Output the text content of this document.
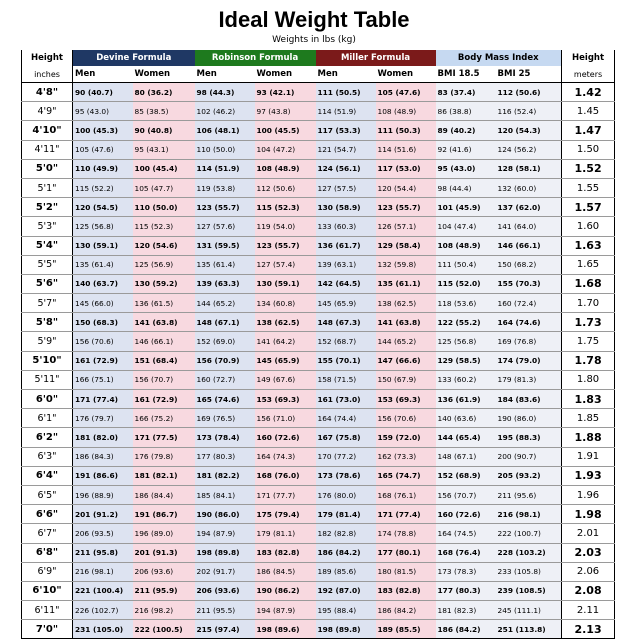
Ideal Weight Table
Weights in lbs (kg)
Height	Devine Formula		Robinson Formula		Miller Formula		Body Mass Index		Height
inches	Men	Women	Men	Women	Men	Women	BMI 18.5	BMI 25	meters
4'8"	90 (40.7)	80 (36.2)	98 (44.3)	93 (42.1)	111 (50.5)	105 (47.6)	83 (37.4)	112 (50.6)	1.42
4'9"	95 (43.0)	85 (38.5)	102 (46.2)	97 (43.8)	114 (51.9)	108 (48.9)	86 (38.8)	116 (52.4)	1.45
4'10"	100 (45.3)	90 (40.8)	106 (48.1)	100 (45.5)	117 (53.3)	111 (50.3)	89 (40.2)	120 (54.3)	1.47
4'11"	105 (47.6)	95 (43.1)	110 (50.0)	104 (47.2)	121 (54.7)	114 (51.6)	92 (41.6)	124 (56.2)	1.50
5'0"	110 (49.9)	100 (45.4)	114 (51.9)	108 (48.9)	124 (56.1)	117 (53.0)	95 (43.0)	128 (58.1)	1.52
5'1"	115 (52.2)	105 (47.7)	119 (53.8)	112 (50.6)	127 (57.5)	120 (54.4)	98 (44.4)	132 (60.0)	1.55
5'2"	120 (54.5)	110 (50.0)	123 (55.7)	115 (52.3)	130 (58.9)	123 (55.7)	101 (45.9)	137 (62.0)	1.57
5'3"	125 (56.8)	115 (52.3)	127 (57.6)	119 (54.0)	133 (60.3)	126 (57.1)	104 (47.4)	141 (64.0)	1.60
5'4"	130 (59.1)	120 (54.6)	131 (59.5)	123 (55.7)	136 (61.7)	129 (58.4)	108 (48.9)	146 (66.1)	1.63
5'5"	135 (61.4)	125 (56.9)	135 (61.4)	127 (57.4)	139 (63.1)	132 (59.8)	111 (50.4)	150 (68.2)	1.65
5'6"	140 (63.7)	130 (59.2)	139 (63.3)	130 (59.1)	142 (64.5)	135 (61.1)	115 (52.0)	155 (70.3)	1.68
5'7"	145 (66.0)	136 (61.5)	144 (65.2)	134 (60.8)	145 (65.9)	138 (62.5)	118 (53.6)	160 (72.4)	1.70
5'8"	150 (68.3)	141 (63.8)	148 (67.1)	138 (62.5)	148 (67.3)	141 (63.8)	122 (55.2)	164 (74.6)	1.73
5'9"	156 (70.6)	146 (66.1)	152 (69.0)	141 (64.2)	152 (68.7)	144 (65.2)	125 (56.8)	169 (76.8)	1.75
5'10"	161 (72.9)	151 (68.4)	156 (70.9)	145 (65.9)	155 (70.1)	147 (66.6)	129 (58.5)	174 (79.0)	1.78
5'11"	166 (75.1)	156 (70.7)	160 (72.7)	149 (67.6)	158 (71.5)	150 (67.9)	133 (60.2)	179 (81.3)	1.80
6'0"	171 (77.4)	161 (72.9)	165 (74.6)	153 (69.3)	161 (73.0)	153 (69.3)	136 (61.9)	184 (83.6)	1.83
6'1"	176 (79.7)	166 (75.2)	169 (76.5)	156 (71.0)	164 (74.4)	156 (70.6)	140 (63.6)	190 (86.0)	1.85
6'2"	181 (82.0)	171 (77.5)	173 (78.4)	160 (72.6)	167 (75.8)	159 (72.0)	144 (65.4)	195 (88.3)	1.88
6'3"	186 (84.3)	176 (79.8)	177 (80.3)	164 (74.3)	170 (77.2)	162 (73.3)	148 (67.1)	200 (90.7)	1.91
6'4"	191 (86.6)	181 (82.1)	181 (82.2)	168 (76.0)	173 (78.6)	165 (74.7)	152 (68.9)	205 (93.2)	1.93
6'5"	196 (88.9)	186 (84.4)	185 (84.1)	171 (77.7)	176 (80.0)	168 (76.1)	156 (70.7)	211 (95.6)	1.96
6'6"	201 (91.2)	191 (86.7)	190 (86.0)	175 (79.4)	179 (81.4)	171 (77.4)	160 (72.6)	216 (98.1)	1.98
6'7"	206 (93.5)	196 (89.0)	194 (87.9)	179 (81.1)	182 (82.8)	174 (78.8)	164 (74.5)	222 (100.7)	2.01
6'8"	211 (95.8)	201 (91.3)	198 (89.8)	183 (82.8)	186 (84.2)	177 (80.1)	168 (76.4)	228 (103.2)	2.03
6'9"	216 (98.1)	206 (93.6)	202 (91.7)	186 (84.5)	189 (85.6)	180 (81.5)	173 (78.3)	233 (105.8)	2.06
6'10"	221 (100.4)	211 (95.9)	206 (93.6)	190 (86.2)	192 (87.0)	183 (82.8)	177 (80.3)	239 (108.5)	2.08
6'11"	226 (102.7)	216 (98.2)	211 (95.5)	194 (87.9)	195 (88.4)	186 (84.2)	181 (82.3)	245 (111.1)	2.11
7'0"	231 (105.0)	222 (100.5)	215 (97.4)	198 (89.6)	198 (89.8)	189 (85.5)	186 (84.2)	251 (113.8)	2.13
